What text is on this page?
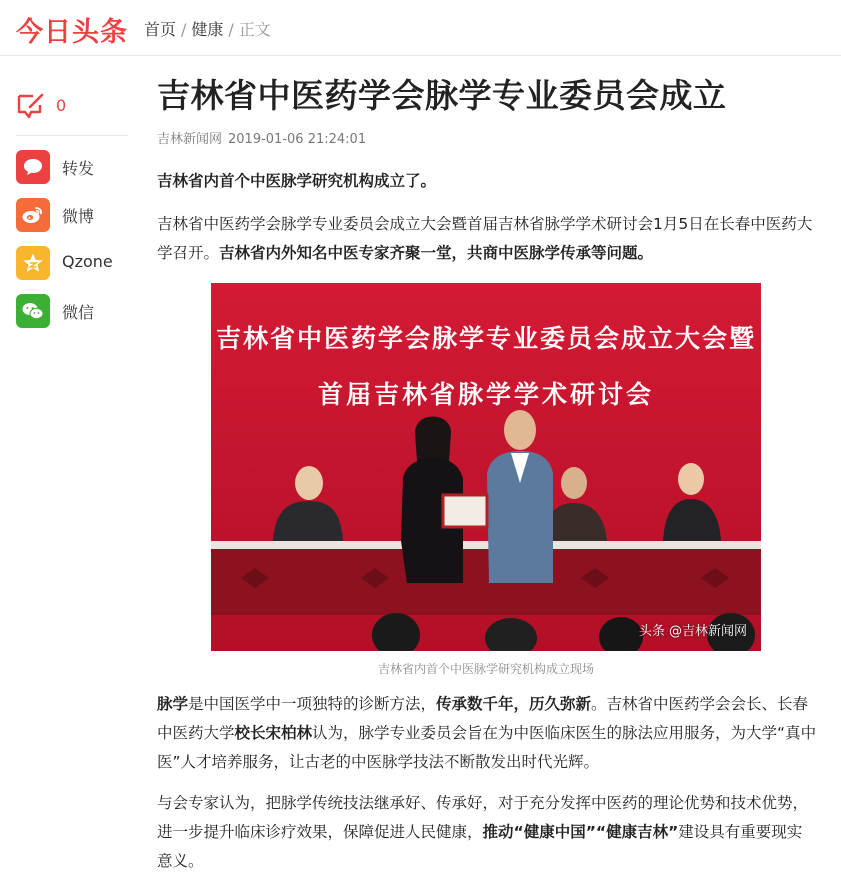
今日头条 首页 / 健康 / 正文
0
转发
微博
Qzone
微信
吉林省中医药学会脉学专业委员会成立
吉林新闻网 2019-01-06 21:24:01

吉林省内首个中医脉学研究机构成立了。

吉林省中医药学会脉学专业委员会成立大会暨首届吉林省脉学学术研讨会1月5日在长春中医药大学召开。吉林省内外知名中医专家齐聚一堂，共商中医脉学传承等问题。

吉林省中医药学会脉学专业委员会成立大会暨
首届吉林省脉学学术研讨会
头条 @吉林新闻网
吉林省内首个中医脉学研究机构成立现场

脉学是中国医学中一项独特的诊断方法，传承数千年，历久弥新。吉林省中医药学会会长、长春中医药大学校长宋柏林认为，脉学专业委员会旨在为中医临床医生的脉法应用服务，为大学“真中医”人才培养服务，让古老的中医脉学技法不断散发出时代光辉。

与会专家认为，把脉学传统技法继承好、传承好，对于充分发挥中医药的理论优势和技术优势，进一步提升临床诊疗效果，保障促进人民健康，推动“健康中国”“健康吉林”建设具有重要现实意义。
